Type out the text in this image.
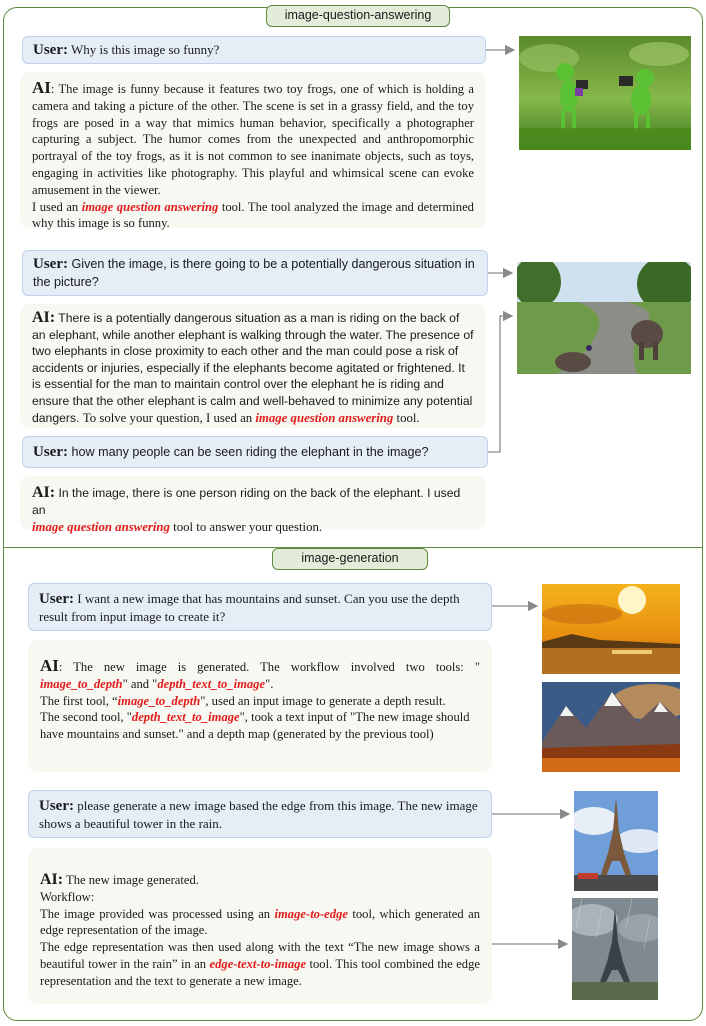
image-question-answering
image-generation
User: Why is this image so funny?
AI: The image is funny because it features two toy frogs, one of which is holding a camera and taking a picture of the other. The scene is set in a grassy field, and the toy frogs are posed in a way that mimics human behavior, specifically a photographer capturing a subject. The humor comes from the unexpected and anthropomorphic portrayal of the toy frogs, as it is not common to see inanimate objects, such as toys, engaging in activities like photography. This playful and whimsical scene can evoke amusement in the viewer.
I used an image question answering tool. The tool analyzed the image and determined why this image is so funny.
User: Given the image, is there going to be a potentially dangerous situation in the picture?
AI: There is a potentially dangerous situation as a man is riding on the back of an elephant, while another elephant is walking through the water. The presence of two elephants in close proximity to each other and the man could pose a risk of accidents or injuries, especially if the elephants become agitated or frightened. It is essential for the man to maintain control over the elephant he is riding and ensure that the other elephant is calm and well-behaved to minimize any potential dangers. To solve your question, I used an image question answering tool.
User: how many people can be seen riding the elephant in the image?
AI: In the image, there is one person riding on the back of the elephant. I used an
image question answering tool to answer your question.
User: I want a new image that has mountains and sunset. Can you use the depth result from input image to create it?
AI: The new image is generated. The workflow involved two tools: "
image_to_depth" and "depth_text_to_image".
The first tool, “image_to_depth", used an input image to generate a depth result.
The second tool, "depth_text_to_image", took a text input of "The new image should have mountains and sunset." and a depth map (generated by the previous tool)
User: please generate a new image based the edge from this image. The new image shows a beautiful tower in the rain.
AI: The new image generated.
Workflow:
The image provided was processed using an image-to-edge tool, which generated an edge representation of the image.
The edge representation was then used along with the text “The new image shows a beautiful tower in the rain” in an edge-text-to-image tool. This tool combined the edge representation and the text to generate a new image.
